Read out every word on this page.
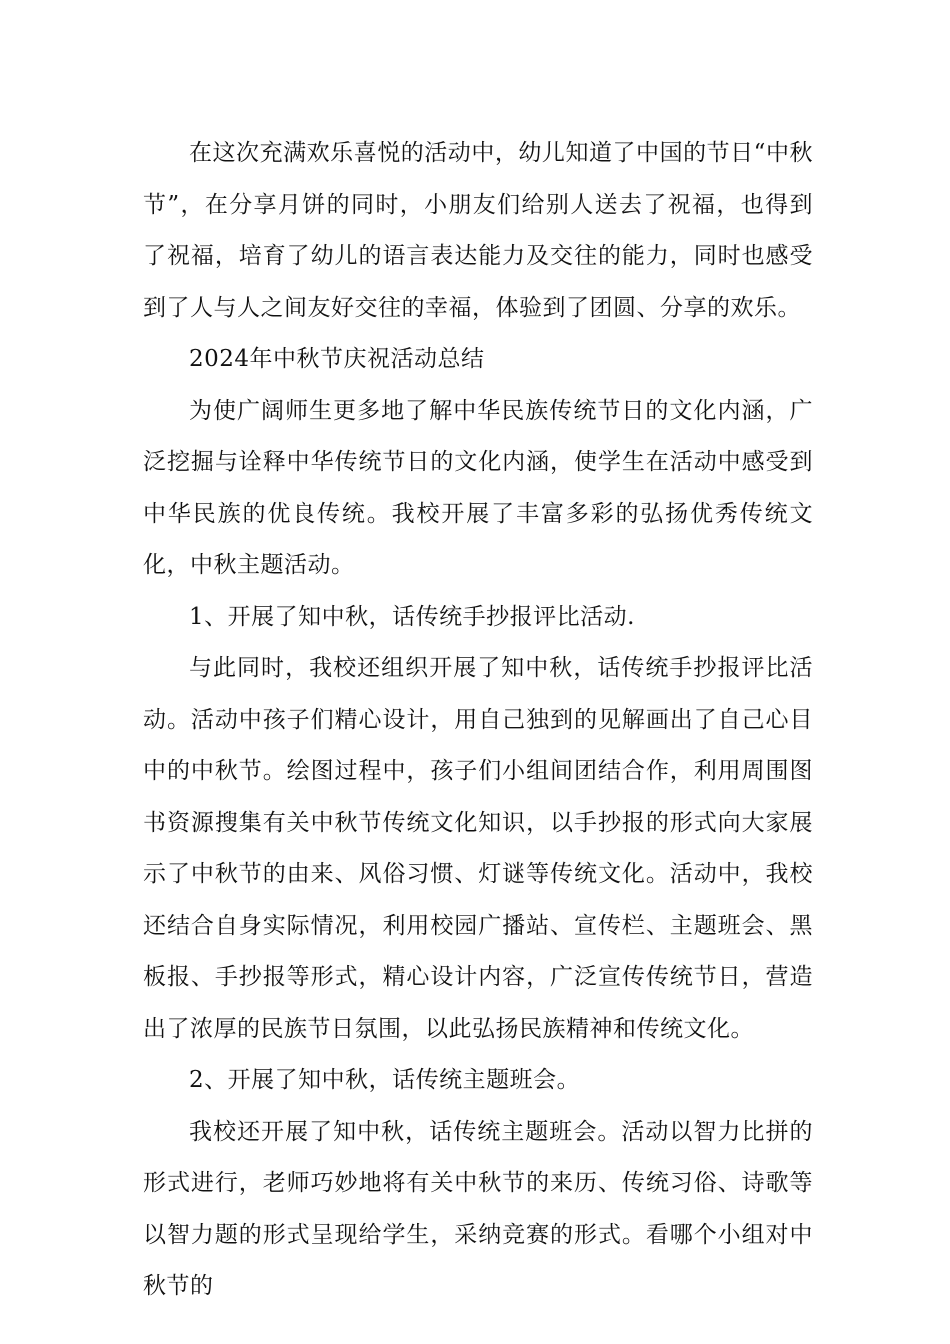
在这次充满欢乐喜悦的活动中，幼儿知道了中国的节日“中秋节”，在分享月饼的同时，小朋友们给别人送去了祝福，也得到了祝福，培育了幼儿的语言表达能力及交往的能力，同时也感受到了人与人之间友好交往的幸福，体验到了团圆、分享的欢乐。

2024年中秋节庆祝活动总结

为使广阔师生更多地了解中华民族传统节日的文化内涵，广泛挖掘与诠释中华传统节日的文化内涵，使学生在活动中感受到中华民族的优良传统。我校开展了丰富多彩的弘扬优秀传统文化，中秋主题活动。

1、开展了知中秋，话传统手抄报评比活动.

与此同时，我校还组织开展了知中秋，话传统手抄报评比活动。活动中孩子们精心设计，用自己独到的见解画出了自己心目中的中秋节。绘图过程中，孩子们小组间团结合作，利用周围图书资源搜集有关中秋节传统文化知识，以手抄报的形式向大家展示了中秋节的由来、风俗习惯、灯谜等传统文化。活动中，我校还结合自身实际情况，利用校园广播站、宣传栏、主题班会、黑板报、手抄报等形式，精心设计内容，广泛宣传传统节日，营造出了浓厚的民族节日氛围，以此弘扬民族精神和传统文化。

2、开展了知中秋，话传统主题班会。

我校还开展了知中秋，话传统主题班会。活动以智力比拼的形式进行，老师巧妙地将有关中秋节的来历、传统习俗、诗歌等以智力题的形式呈现给学生，采纳竞赛的形式。看哪个小组对中秋节的
